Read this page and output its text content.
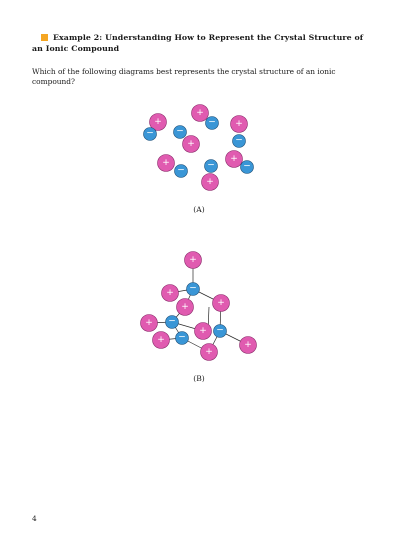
Example 2: Understanding How to Represent the Crystal Structure of an Ionic Compound
Which of the following diagrams best represents the crystal structure of an ionic compound?
+
+	+
+
+	+
+
−
− −
−
− −	−
(A)
+
+
+	+
+
+
+	+
+
−
−
−
−
(B)
4
